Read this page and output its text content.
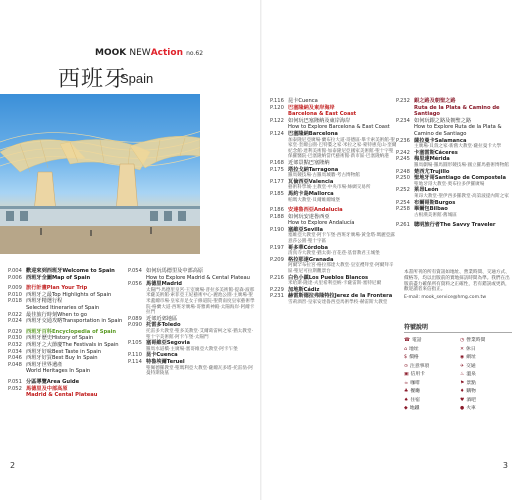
MOOK NEWAction no.62
西班牙
Spain
P.004 歡迎來到西班牙Welcome to Spain
P.006 西班牙全圖Map of Spain
P.009 旅行計畫Plan Your Trip
P.010 西班牙之最Top Highlights of Spain
P.018 西班牙精選行程
Selected Itineraries of Spain
P.022 最佳旅行時刻When to go
P.024 西班牙交通攻略Transportation in Spain
P.029 西班牙百科Encyclopedia of Spain
P.030 西班牙歷史History of Spain
P.032 西班牙之大節慶The Festivals in Spain
P.034 西班牙好味Best Taste in Spain
P.046 西班牙好買Best Buy In Spain
P.048 西班牙世界遺產
World Heritages In Spain
P.051 分區導覽Area Guide
P.052 馬德里及中部高原
Madrid & Cental Plateau
P.054 如何玩馬德里及中部高原
How to Explore Madrid & Cental Plateau
P.056 馬德里Madrid
太陽門·馬德里皇宮·王室廣場·普拉多美術館·提森·波那米薩美術館·索菲亞王妃藝術中心·麗池公園·主廣場·聖米蓋爾市場·皇家赤足女子修道院·聖費南度皇家藝術學院·格蘭大道·西班牙廣場·哥雅萬神殿·太陽海岸·阿爾卡拉門
P.089 近郊近郊地區
P.090 托雷多Toledo
托雷多大教堂·聖多美教堂·艾爾葛雷柯之家·猶太教堂·聖十字美術館·阿卡乍堡·太陽門
P.105 塞哥維亞Segovia
羅馬水道橋·主廣場·塞哥維亞大教堂·阿卡乍堡
P.110 昆卡Cuenca
P.114 特魯埃爾Teruel
聖佩德羅教堂·聖瑪利亞大教堂·薩爾瓦多塔·托雷翁·阿曼特斯陵墓
2
P.116 昆卡Cuenca
P.120 巴塞隆納及東岸海岸
Barcelona & East Coast
P.122 如何玩巴塞隆納及東岸海岸
How to Explore Barcelona & East Coast
P.124 巴塞隆納Barcelona
加泰隆尼亞廣場·蘭布拉大道·哥德區·畢卡索美術館·聖家堂·奎爾公園·巴特婁之家·米拉之家·蒙特惠克山·奎爾紀念館·達利美術館·加泰隆尼亞國家美術館·聖十字聖保羅醫院·巴塞隆納當代藝術館·新市區·巴塞隆納港
P.168 近郊景點巴塞隆納
P.175 塔拉戈納Tarragona
羅馬競技場·古羅馬城牆·考古博物館
P.177 瓦倫西亞Valencia
藝術科學城·主教堂·中央市場·絲綢交易所
P.185 馬約卡島Mallorca
帕瑪大教堂·貝爾維爾城堡
P.186 安達魯西亞Andalucia
P.188 如何玩安達魯西亞
How to Explore Andalucía
P.190 塞維亞Sevilla
塞維亞大教堂·阿卡乍堡·西班牙廣場·黃金塔·瑪麗亞露意莎公園·聖十字區
P.197 哥多華Córdoba
清真寺大教堂·猶太街·百花巷·基督教君王城堡
P.209 格拉那達Granada
阿爾罕布拉宮·格拉那達大教堂·皇室禮拜堂·阿爾拜辛區·聖尼可拉斯觀景台
P.216 白色小鎮Los Pueblos Blancos
米哈斯·隆達·夫里希利亞納·卡薩雷斯·塞特尼爾
P.229 加地斯Cádiz
P.231 赫雷斯德拉弗隆特拉Jerez de la Frontera
雪莉酒窖·皇家安達魯西亞馬術學校·赫雷斯大教堂
P.232 銀之路及朝聖之路
Ruta de la Plata & Camino de
Santiago
P.234 如何玩銀之路及朝聖之路
How to Explore Ruta de la Plata &
Camino de Santiago
P.236 薩拉曼卡Salamanca
主廣場·貝殼之家·新舊大教堂·薩拉曼卡大學
P.242 卡塞雷斯Cáceres
P.245 梅里達Mérida
羅馬劇場·羅馬圓形競技場·國立羅馬藝術博物館
P.248 楚西尤Trujillo
P.250 聖地牙哥Santiago de Compostela
聖地牙哥大教堂·奧布拉多伊羅廣場
P.252 萊昂León
萊昂大教堂·聖伊西多羅教堂·高第波提內斯之家
P.254 布爾哥斯Burgos
P.258 畢爾包Bilbao
古根漢美術館·舊城區
P.261 聰明旅行者The Savvy Traveler
本書所刊的所有資訊如地址、營業時間、交通方式、價格等，均以出版前的實地採訪時間為準。我們在出版前盡力確保所有資料之正確性，若有錯誤或更新，歡迎讀者來信指正。
E-mail: mook_service@hmg.com.tw
符號說明
☎ 電話	◷ 營業時間
⌂ 地址	✕ 休日
$ 價格	◉ 網址
⊙ 注意事項	✈ 交通
▣ 信用卡	♨ 溫泉
☕ 咖啡	⚑ 景點
♣ 餐廳	♦ 購物
♠ 住宿	♥ 酒吧
◆ 地鐵	● 火車
3
